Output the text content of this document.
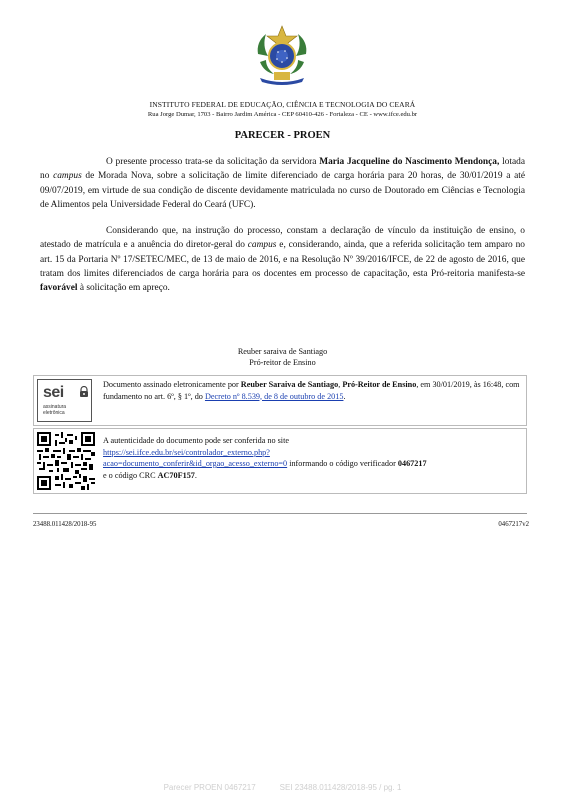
INSTITUTO FEDERAL DE EDUCAÇÃO, CIÊNCIA E TECNOLOGIA DO CEARÁ
Rua Jorge Dumar, 1703 - Bairro Jardim América - CEP 60410-426 - Fortaleza - CE - www.ifce.edu.br
PARECER - PROEN
O presente processo trata-se da solicitação da servidora Maria Jacqueline do Nascimento Mendonça, lotada no campus de Morada Nova, sobre a solicitação de limite diferenciado de carga horária para 20 horas, de 30/01/2019 a até 09/07/2019, em virtude de sua condição de discente devidamente matriculada no curso de Doutorado em Ciências e Tecnologia de Alimentos pela Universidade Federal do Ceará (UFC).
Considerando que, na instrução do processo, constam a declaração de vínculo da instituição de ensino, o atestado de matrícula e a anuência do diretor-geral do campus e, considerando, ainda, que a referida solicitação tem amparo no art. 15 da Portaria Nº 17/SETEC/MEC, de 13 de maio de 2016, e na Resolução Nº 39/2016/IFCE, de 22 de agosto de 2016, que tratam dos limites diferenciados de carga horária para os docentes em processo de capacitação, esta Pró-reitoria manifesta-se favorável à solicitação em apreço.
Reuber saraiva de Santiago
Pró-reitor de Ensino
sei
assinatura
eletrônica
Documento assinado eletronicamente por Reuber Saraiva de Santiago, Pró-Reitor de Ensino, em 30/01/2019, às 16:48, com fundamento no art. 6º, § 1º, do Decreto nº 8.539, de 8 de outubro de 2015.
A autenticidade do documento pode ser conferida no site
https://sei.ifce.edu.br/sei/controlador_externo.php?
acao=documento_conferir&id_orgao_acesso_externo=0 informando o código verificador 0467217
e o código CRC AC70F157.
23488.011428/2018-95	0467217v2
Parecer PROEN 0467217	SEI 23488.011428/2018-95 / pg. 1
